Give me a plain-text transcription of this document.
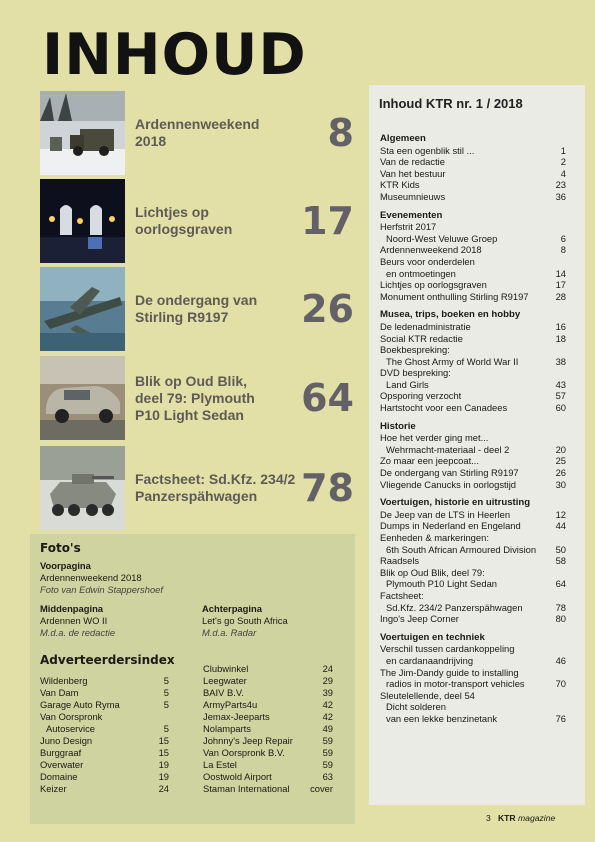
INHOUD
Ardennenweekend
2018	8
Lichtjes op
oorlogsgraven	17
De ondergang van
Stirling R9197	26
Blik op Oud Blik,
deel 79: Plymouth
P10 Light Sedan	64
Factsheet: Sd.Kfz. 234/2
Panzerspähwagen	78
Inhoud KTR nr. 1 / 2018
Algemeen
Sta een ogenblik stil ...	1
Van de redactie	2
Van het bestuur	4
KTR Kids	23
Museumnieuws	36
Evenementen
Herfstrit 2017
Noord-West Veluwe Groep	6
Ardennenweekend 2018	8
Beurs voor onderdelen
en ontmoetingen	14
Lichtjes op oorlogsgraven	17
Monument onthulling Stirling R9197	28
Musea, trips, boeken en hobby
De ledenadministratie	16
Social KTR redactie	18
Boekbespreking:
The Ghost Army of World War II	38
DVD bespreking:
Land Girls	43
Opsporing verzocht	57
Hartstocht voor een Canadees	60
Historie
Hoe het verder ging met...
Wehrmacht-materiaal - deel 2	20
Zo maar een jeepcoat...	25
De ondergang van Stirling R9197	26
Vliegende Canucks in oorlogstijd	30
Voertuigen, historie en uitrusting
De Jeep van de LTS in Heerlen	12
Dumps in Nederland en Engeland	44
Eenheden & markeringen:
6th South African Armoured Division 50
Raadsels	58
Blik op Oud Blik, deel 79:
Plymouth P10 Light Sedan	64
Factsheet:
Sd.Kfz. 234/2 Panzerspähwagen	78
Ingo's Jeep Corner	80
Voertuigen en techniek
Verschil tussen cardankoppeling
en cardanaandrijving	46
The Jim-Dandy guide to installing
radios in motor-transport vehicles	70
Sleutelellende, deel 54
Dicht solderen
van een lekke benzinetank	76
Foto's
Voorpagina
Ardennenweekend 2018
Foto van Edwin Stappershoef
Middenpagina
Ardennen WO II
M.d.a. de redactie
Achterpagina
Let's go South Africa
M.d.a. Radar
Adverteerdersindex
Wildenberg	5
Van Dam	5
Garage Auto Ryma	5
Van Oorspronk
Autoservice	5
Juno Design	15
Burggraaf	15
Overwater	19
Domaine	19
Keizer	24
Clubwinkel	24
Leegwater	29
BAIV B.V.	39
ArmyParts4u	42
Jemax-Jeeparts	42
Nolamparts	49
Johnny's Jeep Repair	59
Van Oorspronk B.V.	59
La Estel	59
Oostwold Airport	63
Staman International cover
3 KTR magazine
